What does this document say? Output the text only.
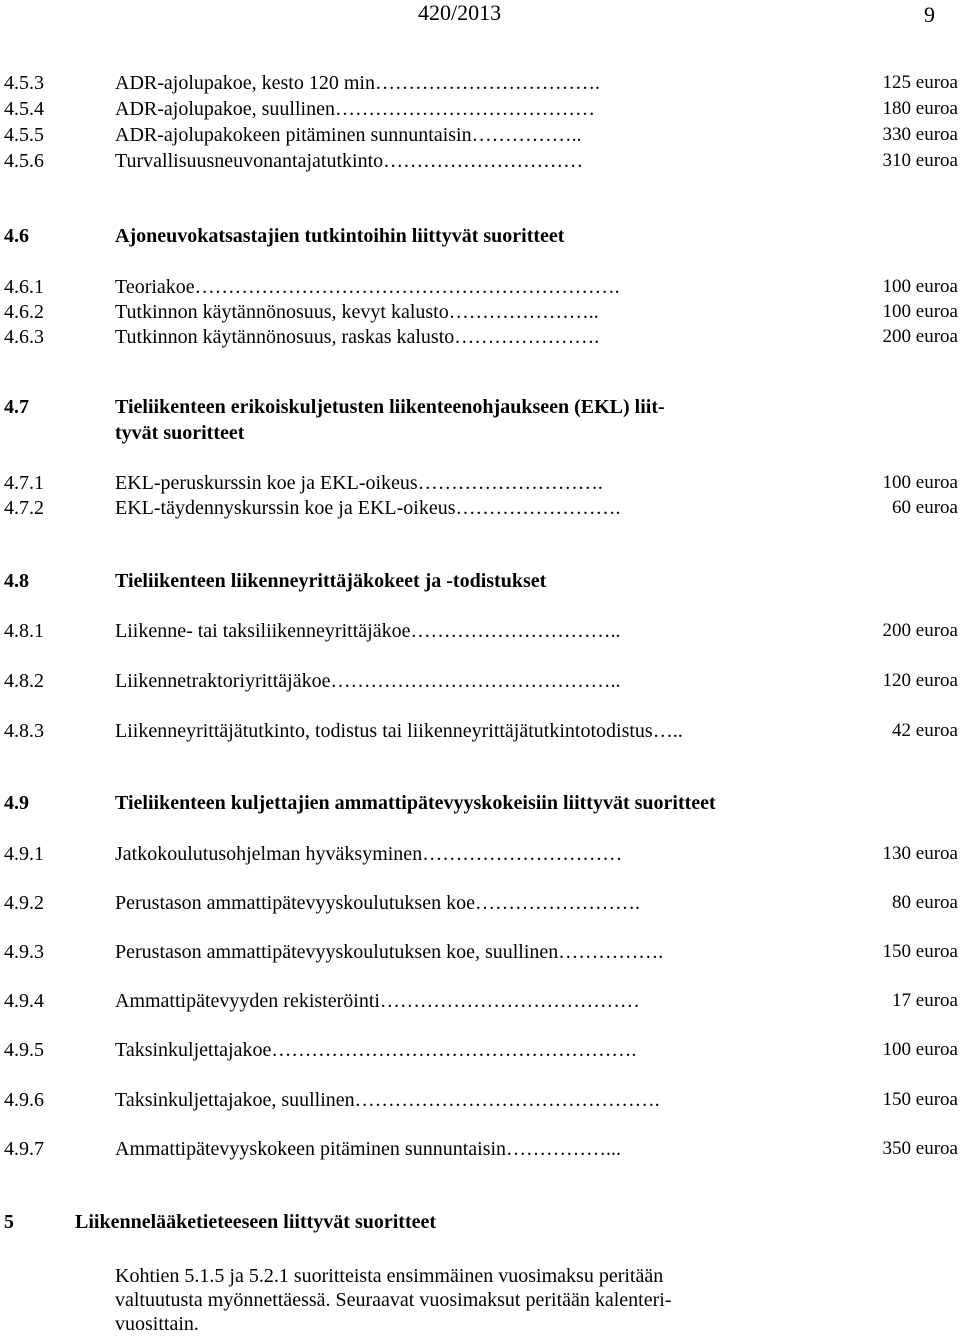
420/2013	9
4.5.3	ADR-ajolupakoe, kesto 120 min…………………………….	125 euroa
4.5.4	ADR-ajolupakoe, suullinen…………………………………	180 euroa
4.5.5	ADR-ajolupakokeen pitäminen sunnuntaisin……………..	330 euroa
4.5.6	Turvallisuusneuvonantajatutkinto…………………………	310 euroa
4.6	Ajoneuvokatsastajien tutkintoihin liittyvät suoritteet
4.6.1	Teoriakoe……………………………………………………….	100 euroa
4.6.2	Tutkinnon käytännönosuus, kevyt kalusto…………………..	100 euroa
4.6.3	Tutkinnon käytännönosuus, raskas kalusto………………….	200 euroa
4.7	Tieliikenteen erikoiskuljetusten liikenteenohjaukseen (EKL) liit-
tyvät suoritteet
4.7.1	EKL-peruskurssin koe ja EKL-oikeus……………………….	100 euroa
4.7.2	EKL-täydennyskurssin koe ja EKL-oikeus…………………….	60 euroa
4.8	Tieliikenteen liikenneyrittäjäkokeet ja -todistukset
4.8.1	Liikenne- tai taksiliikenneyrittäjäkoe…………………………..	200 euroa
4.8.2	Liikennetraktoriyrittäjäkoe……………………………………..	120 euroa
4.8.3	Liikenneyrittäjätutkinto, todistus tai liikenneyrittäjätutkintotodistus…..	42 euroa
4.9	Tieliikenteen kuljettajien ammattipätevyyskokeisiin liittyvät suoritteet
4.9.1	Jatkokoulutusohjelman hyväksyminen…………………………	130 euroa
4.9.2	Perustason ammattipätevyyskoulutuksen koe…………………….	80 euroa
4.9.3	Perustason ammattipätevyyskoulutuksen koe, suullinen…………….	150 euroa
4.9.4	Ammattipätevyyden rekisteröinti…………………………………	17 euroa
4.9.5	Taksinkuljettajakoe……………………………………………….	100 euroa
4.9.6	Taksinkuljettajakoe, suullinen……………………………………….	150 euroa
4.9.7	Ammattipätevyyskokeen pitäminen sunnuntaisin……………...	350 euroa
5	Liikennelääketieteeseen liittyvät suoritteet
Kohtien 5.1.5 ja 5.2.1 suoritteista ensimmäinen vuosimaksu peritään
valtuutusta myönnettäessä. Seuraavat vuosimaksut peritään kalenteri-
vuosittain.
